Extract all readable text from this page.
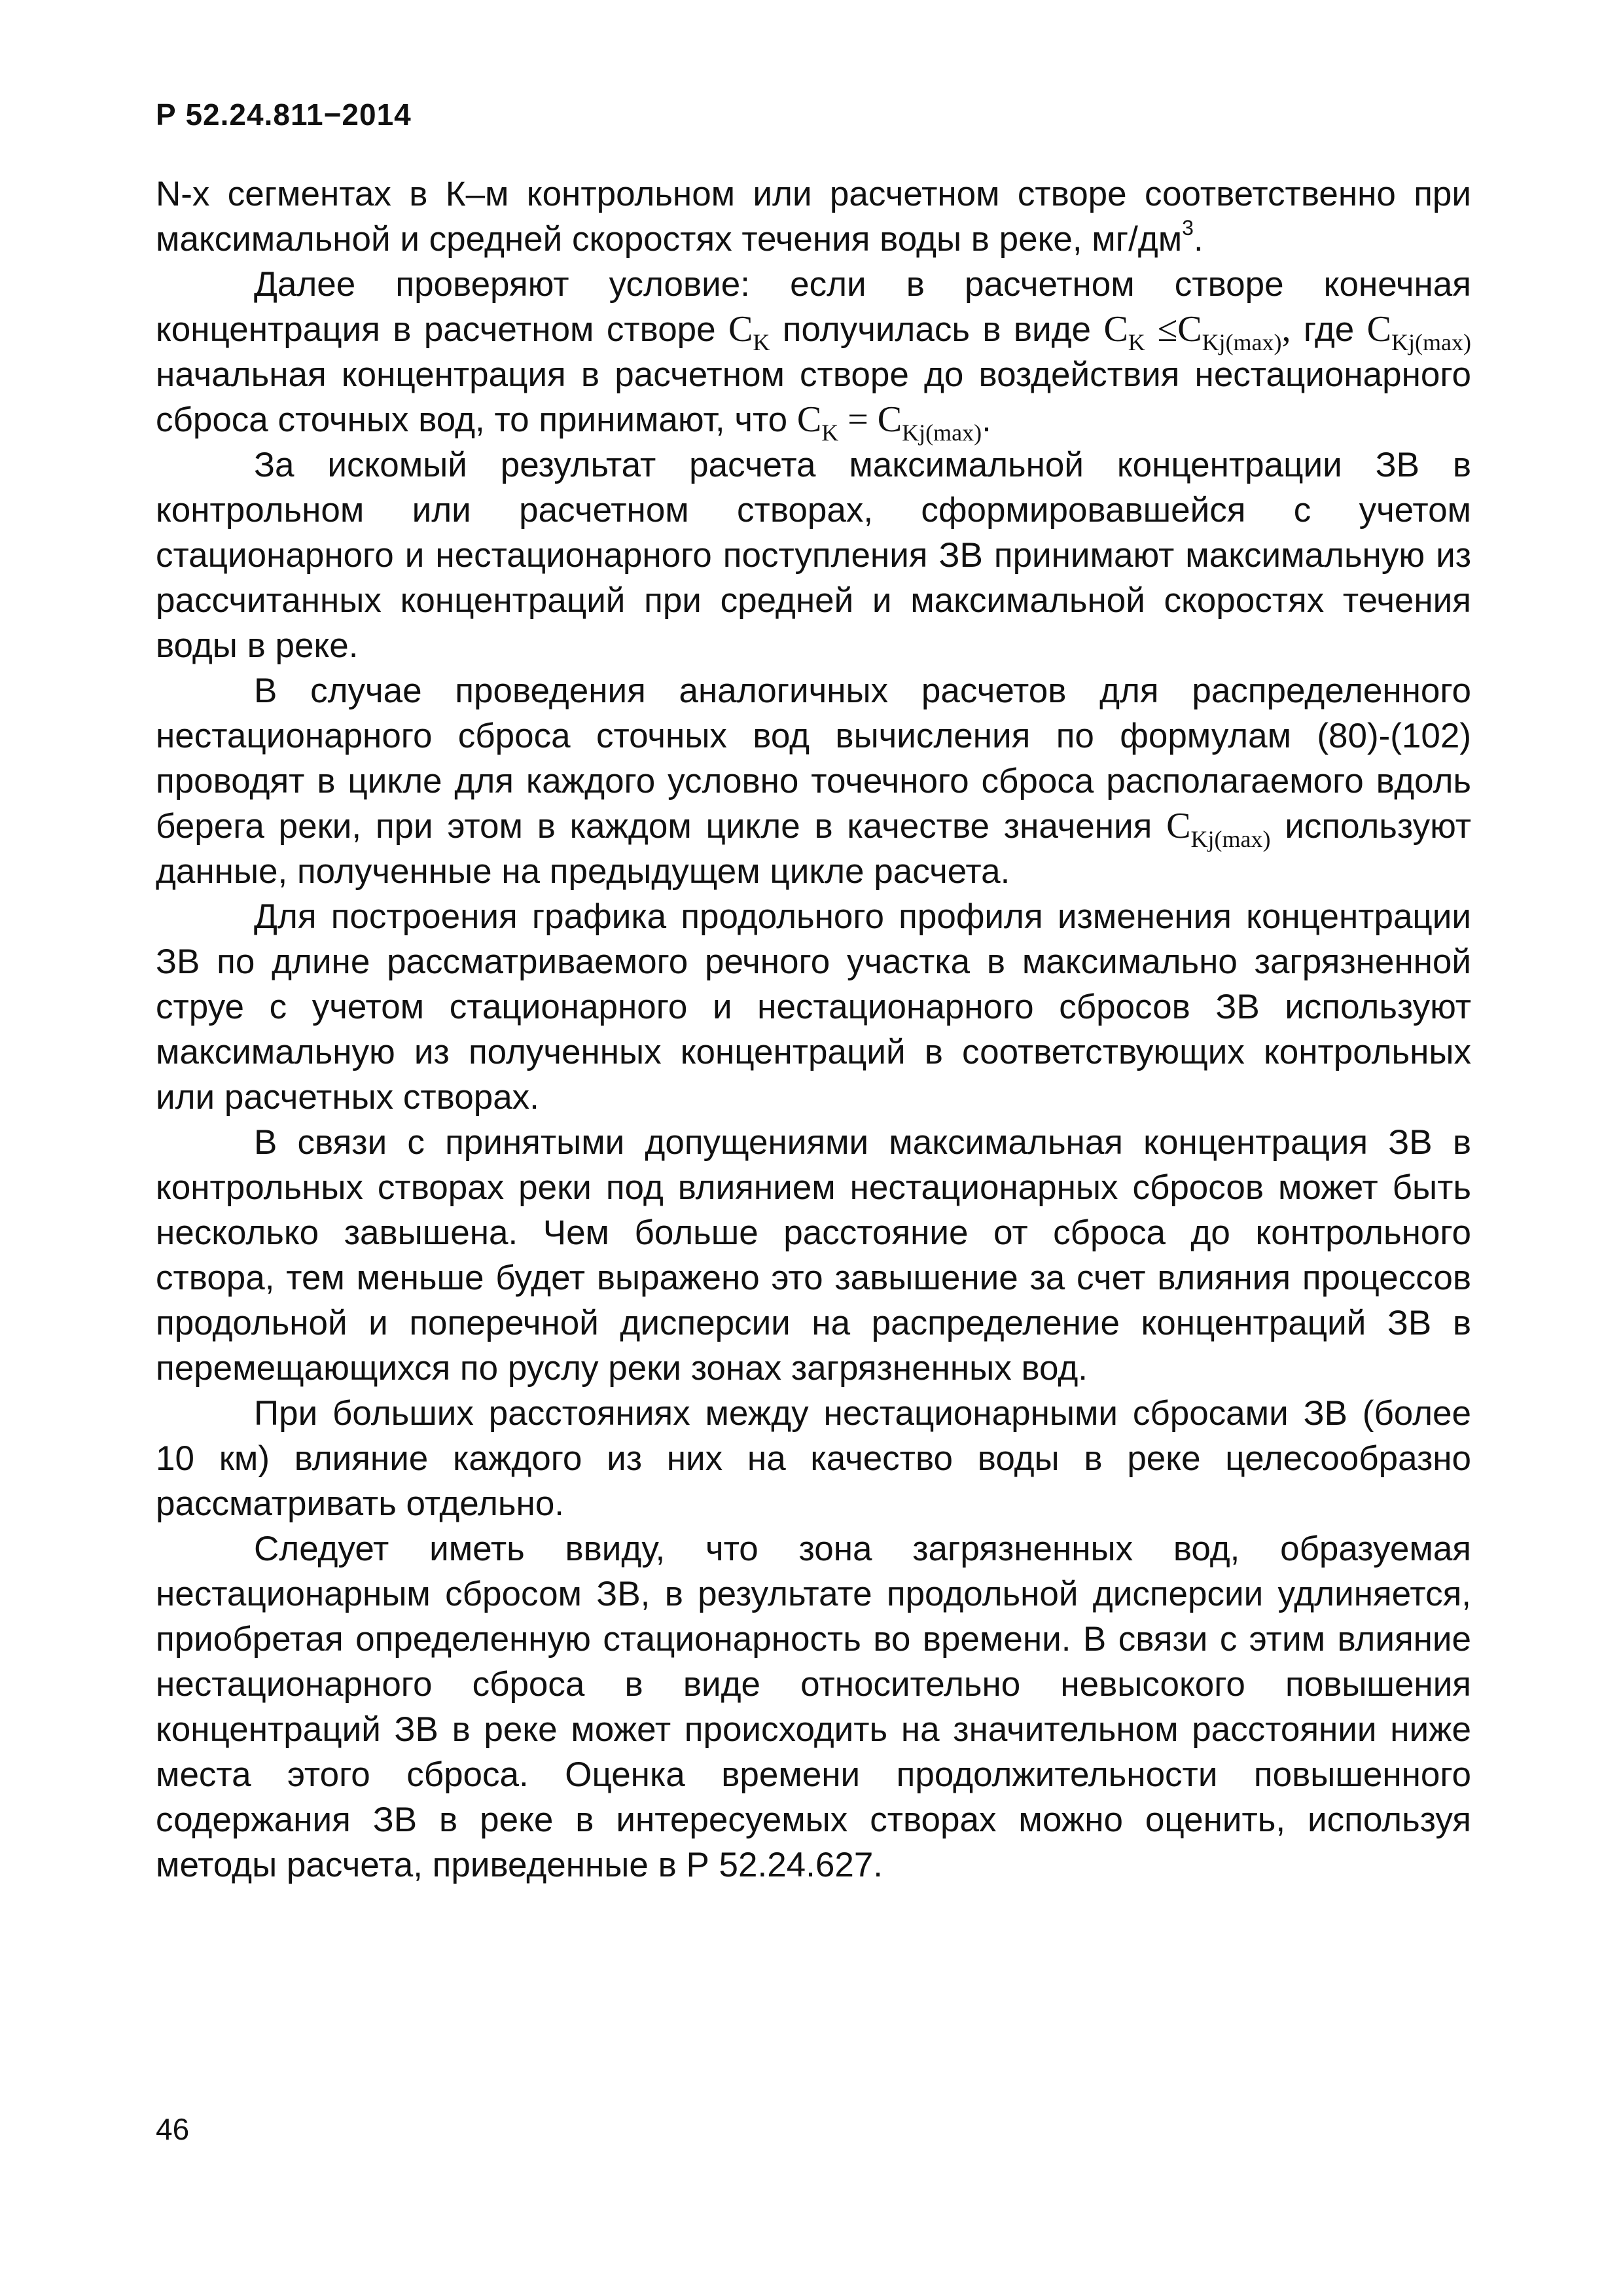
Р 52.24.811−2014

N-х сегментах в К–м контрольном или расчетном створе соответственно при максимальной и средней скоростях течения воды в реке, $мг/дм^3$.

Далее проверяют условие: если в расчетном створе конечная концентрация в расчетном створе $C_K$ получилась в виде $C_K \le C_{Kj(max)}$, где $C_{Kj(max)}$ начальная концентрация в расчетном створе до воздействия нестационарного сброса сточных вод, то принимают, что $C_K = C_{Kj(max)}$.

За искомый результат расчета максимальной концентрации ЗВ в контрольном или расчетном створах, сформировавшейся с учетом стационарного и нестационарного поступления ЗВ принимают максимальную из рассчитанных концентраций при средней и максимальной скоростях течения воды в реке.

В случае проведения аналогичных расчетов для распределенного нестационарного сброса сточных вод вычисления по формулам (80)-(102) проводят в цикле для каждого условно точечного сброса располагаемого вдоль берега реки, при этом в каждом цикле в качестве значения $C_{Kj(max)}$ используют данные, полученные на предыдущем цикле расчета.

Для построения графика продольного профиля изменения концентрации ЗВ по длине рассматриваемого речного участка в максимально загрязненной струе с учетом стационарного и нестационарного сбросов ЗВ используют максимальную из полученных концентраций в соответствующих контрольных или расчетных створах.

В связи с принятыми допущениями максимальная концентрация ЗВ в контрольных створах реки под влиянием нестационарных сбросов может быть несколько завышена. Чем больше расстояние от сброса до контрольного створа, тем меньше будет выражено это завышение за счет влияния процессов продольной и поперечной дисперсии на распределение концентраций ЗВ в перемещающихся по руслу реки зонах загрязненных вод.

При больших расстояниях между нестационарными сбросами ЗВ (более 10 км) влияние каждого из них на качество воды в реке целесообразно рассматривать отдельно.

Следует иметь ввиду, что зона загрязненных вод, образуемая нестационарным сбросом ЗВ, в результате продольной дисперсии удлиняется, приобретая определенную стационарность во времени. В связи с этим влияние нестационарного сброса в виде относительно невысокого повышения концентраций ЗВ в реке может происходить на значительном расстоянии ниже места этого сброса. Оценка времени продолжительности повышенного содержания ЗВ в реке в интересуемых створах можно оценить, используя методы расчета, приведенные в Р 52.24.627.

46
